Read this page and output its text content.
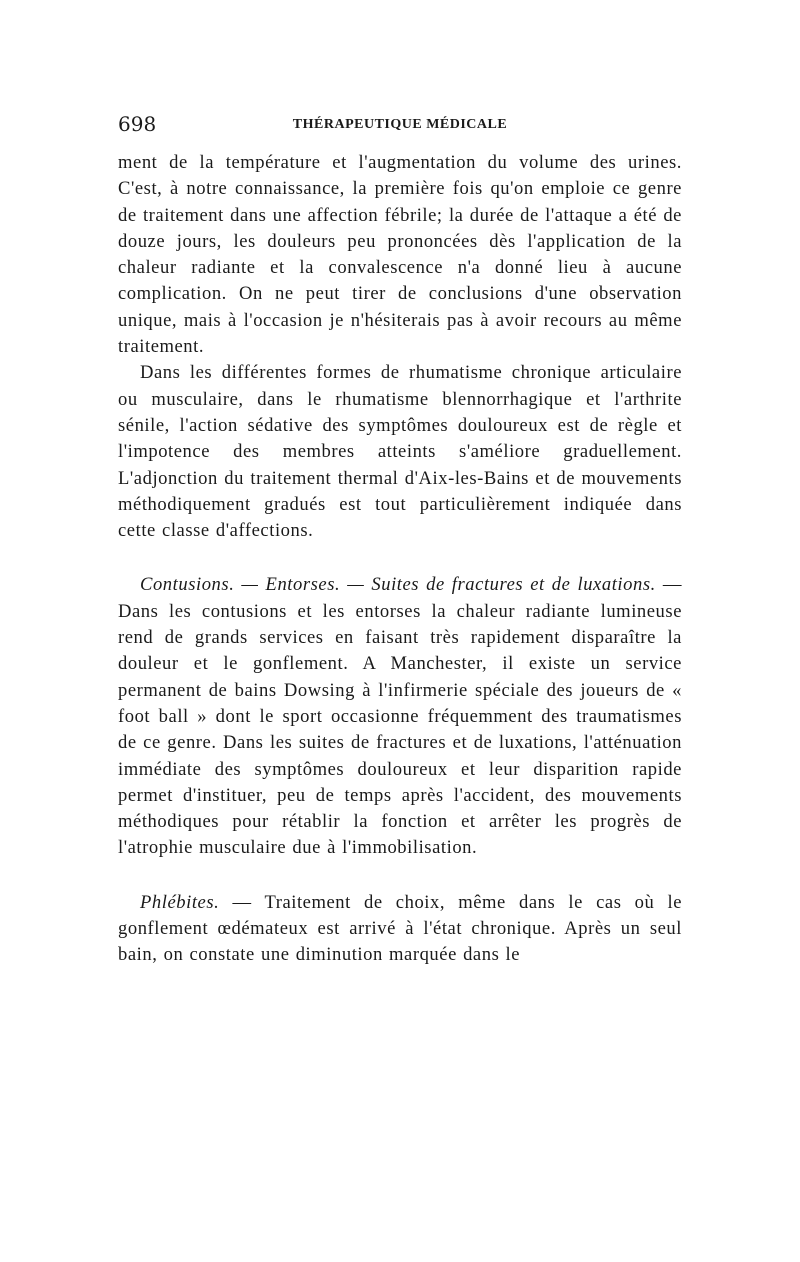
698	THÉRAPEUTIQUE MÉDICALE

ment de la température et l'augmentation du volume des urines. C'est, à notre connaissance, la première fois qu'on emploie ce genre de traitement dans une affection fébrile; la durée de l'attaque a été de douze jours, les douleurs peu prononcées dès l'application de la chaleur radiante et la convalescence n'a donné lieu à aucune complication. On ne peut tirer de conclusions d'une observation unique, mais à l'occasion je n'hésiterais pas à avoir recours au même traitement.

Dans les différentes formes de rhumatisme chronique articulaire ou musculaire, dans le rhumatisme blennorrhagique et l'arthrite sénile, l'action sédative des symptômes douloureux est de règle et l'impotence des membres atteints s'améliore graduellement. L'adjonction du traitement thermal d'Aix-les-Bains et de mouvements méthodiquement gradués est tout particulièrement indiquée dans cette classe d'affections.

Contusions. — Entorses. — Suites de fractures et de luxations. — Dans les contusions et les entorses la chaleur radiante lumineuse rend de grands services en faisant très rapidement disparaître la douleur et le gonflement. A Manchester, il existe un service permanent de bains Dowsing à l'infirmerie spéciale des joueurs de « foot ball » dont le sport occasionne fréquemment des traumatismes de ce genre. Dans les suites de fractures et de luxations, l'atténuation immédiate des symptômes douloureux et leur disparition rapide permet d'instituer, peu de temps après l'accident, des mouvements méthodiques pour rétablir la fonction et arrêter les progrès de l'atrophie musculaire due à l'immobilisation.

Phlébites. — Traitement de choix, même dans le cas où le gonflement œdémateux est arrivé à l'état chronique. Après un seul bain, on constate une diminution marquée dans le
